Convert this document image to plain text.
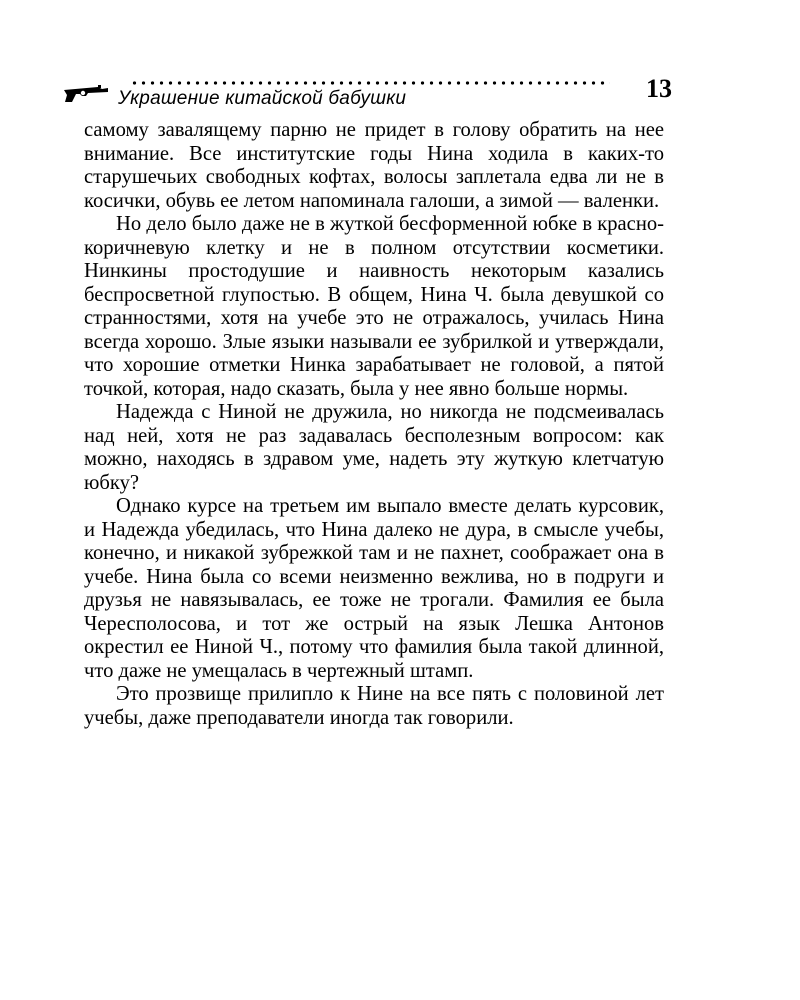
Украшение китайской бабушки	13

самому завалящему парню не придет в голову обратить на нее внимание. Все институтские годы Нина ходила в каких-то старушечьих свободных кофтах, волосы заплетала едва ли не в косички, обувь ее летом напоминала галоши, а зимой — валенки.

Но дело было даже не в жуткой бесформенной юбке в красно-коричневую клетку и не в полном отсутствии косметики. Нинкины простодушие и наивность некоторым казались беспросветной глупостью. В общем, Нина Ч. была девушкой со странностями, хотя на учебе это не отражалось, училась Нина всегда хорошо. Злые языки называли ее зубрилкой и утверждали, что хорошие отметки Нинка зарабатывает не головой, а пятой точкой, которая, надо сказать, была у нее явно больше нормы.

Надежда с Ниной не дружила, но никогда не подсмеивалась над ней, хотя не раз задавалась бесполезным вопросом: как можно, находясь в здравом уме, надеть эту жуткую клетчатую юбку?

Однако курсе на третьем им выпало вместе делать курсовик, и Надежда убедилась, что Нина далеко не дура, в смысле учебы, конечно, и никакой зубрежкой там и не пахнет, соображает она в учебе. Нина была со всеми неизменно вежлива, но в подруги и друзья не навязывалась, ее тоже не трогали. Фамилия ее была Чересполосова, и тот же острый на язык Лешка Антонов окрестил ее Ниной Ч., потому что фамилия была такой длинной, что даже не умещалась в чертежный штамп.

Это прозвище прилипло к Нине на все пять с половиной лет учебы, даже преподаватели иногда так говорили.
